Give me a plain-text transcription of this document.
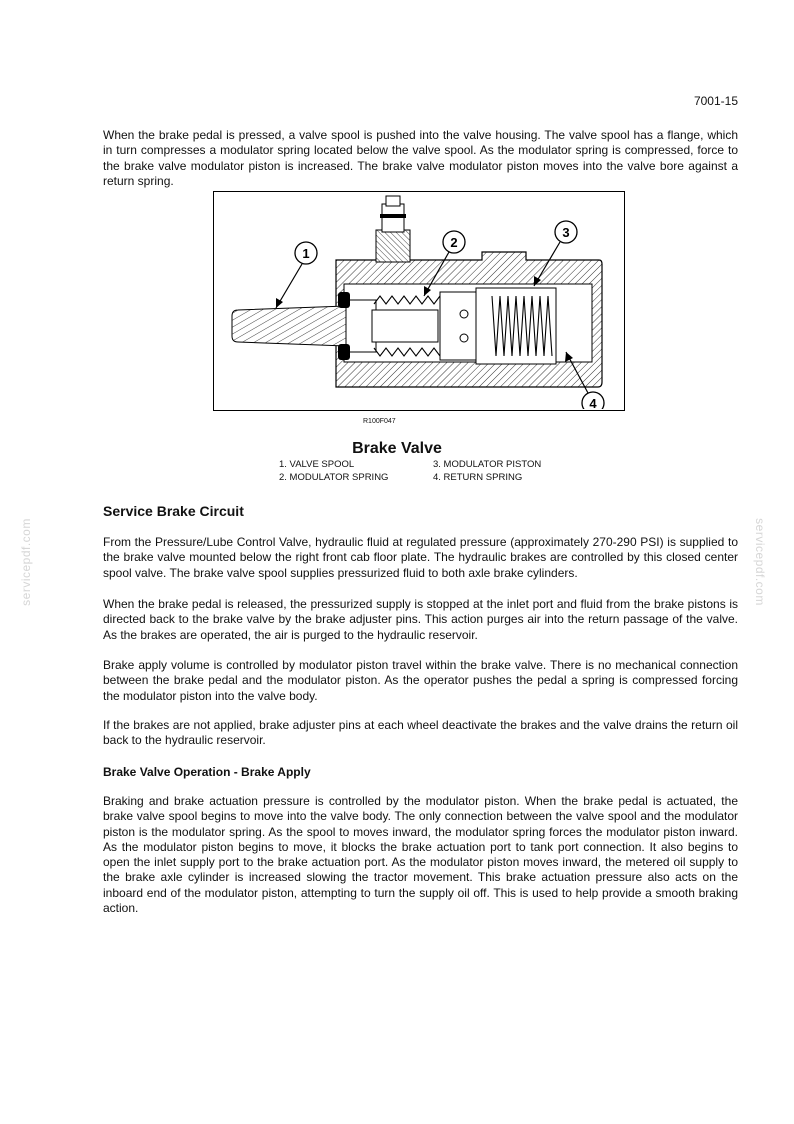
7001-15

When the brake pedal is pressed, a valve spool is pushed into the valve housing. The valve spool has a flange, which in turn compresses a modulator spring located below the valve spool. As the modulator spring is compressed, force to the brake valve modulator piston is increased. The brake valve modulator piston moves into the valve bore against a return spring.

1
2
3
4
R100F047
Brake Valve
1. VALVE SPOOL
2. MODULATOR SPRING
3. MODULATOR PISTON
4. RETURN SPRING
Service Brake Circuit

From the Pressure/Lube Control Valve, hydraulic fluid at regulated pressure (approximately 270-290 PSI) is supplied to the brake valve mounted below the right front cab floor plate. The hydraulic brakes are controlled by this closed center spool valve. The brake valve spool supplies pressurized fluid to both axle brake cylinders.

When the brake pedal is released, the pressurized supply is stopped at the inlet port and fluid from the brake pistons is directed back to the brake valve by the brake adjuster pins. This action purges air into the return passage of the valve. As the brakes are operated, the air is purged to the hydraulic reservoir.

Brake apply volume is controlled by modulator piston travel within the brake valve. There is no mechanical connection between the brake pedal and the modulator piston. As the operator pushes the pedal a spring is compressed forcing the modulator piston into the valve body.

If the brakes are not applied, brake adjuster pins at each wheel deactivate the brakes and the valve drains the return oil back to the hydraulic reservoir.

Brake Valve Operation - Brake Apply

Braking and brake actuation pressure is controlled by the modulator piston. When the brake pedal is actuated, the brake valve spool begins to move into the valve body. The only connection between the valve spool and the modulator piston is the modulator spring. As the spool to moves inward, the modulator spring forces the modulator piston inward. As the modulator piston begins to move, it blocks the brake actuation port to tank port connection. It also begins to open the inlet supply port to the brake actuation port. As the modulator piston moves inward, the metered oil supply to the brake axle cylinder is increased slowing the tractor movement. This brake actuation pressure also acts on the inboard end of the modulator piston, attempting to turn the supply oil off. This is used to help provide a smooth braking action.

servicepdf.com	servicepdf.com
